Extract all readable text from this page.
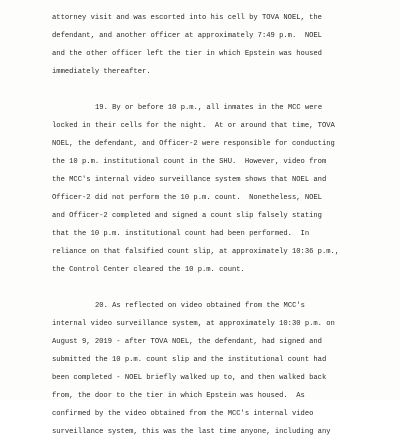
attorney visit and was escorted into his cell by TOVA NOEL, the
defendant, and another officer at approximately 7:49 p.m.  NOEL
and the other officer left the tier in which Epstein was housed
immediately thereafter.
19. By or before 10 p.m., all inmates in the MCC were
locked in their cells for the night.  At or around that time, TOVA
NOEL, the defendant, and Officer-2 were responsible for conducting
the 10 p.m. institutional count in the SHU.  However, video from
the MCC's internal video surveillance system shows that NOEL and
Officer-2 did not perform the 10 p.m. count.  Nonetheless, NOEL
and Officer-2 completed and signed a count slip falsely stating
that the 10 p.m. institutional count had been performed.  In
reliance on that falsified count slip, at approximately 10:36 p.m.,
the Control Center cleared the 10 p.m. count.
20. As reflected on video obtained from the MCC's
internal video surveillance system, at approximately 10:30 p.m. on
August 9, 2019 - after TOVA NOEL, the defendant, had signed and
submitted the 10 p.m. count slip and the institutional count had
been completed - NOEL briefly walked up to, and then walked back
from, the door to the tier in which Epstein was housed.  As
confirmed by the video obtained from the MCC's internal video
surveillance system, this was the last time anyone, including any
